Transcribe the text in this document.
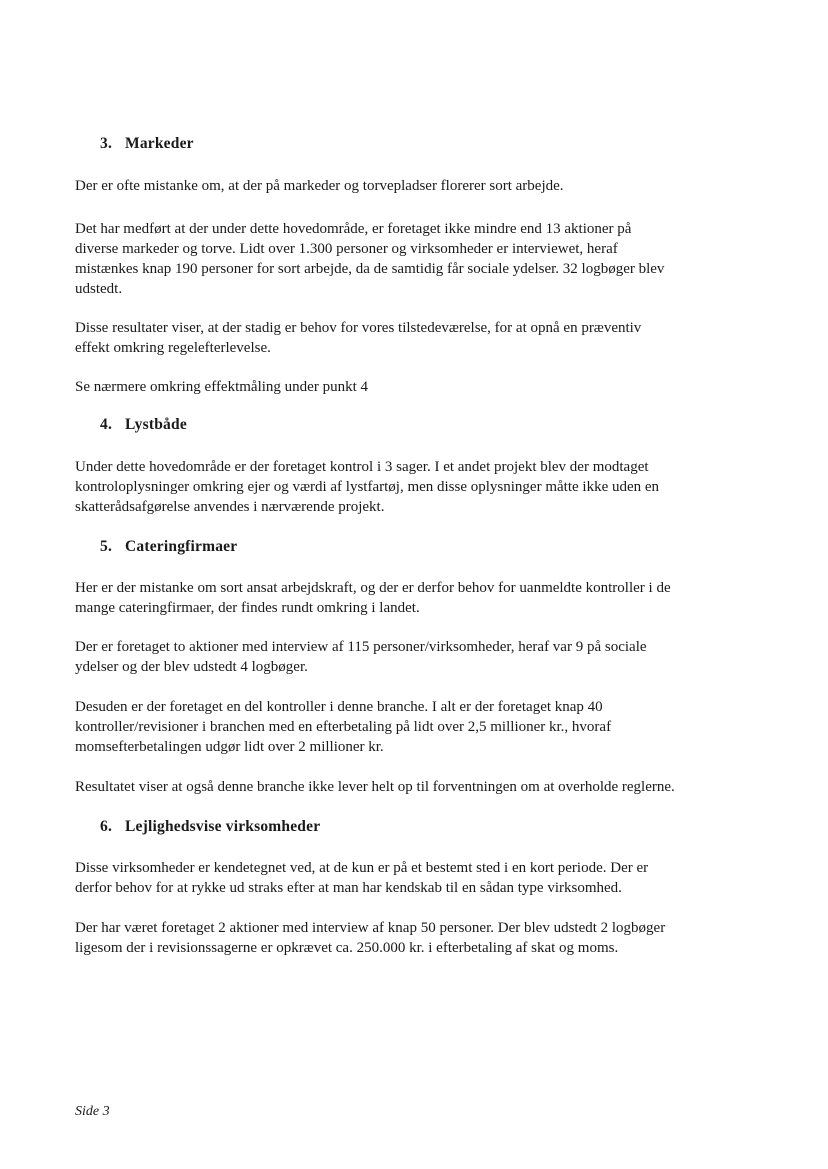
3. Markeder
Der er ofte mistanke om, at der på markeder og torvepladser florerer sort arbejde.
Det har medført at der under dette hovedområde, er foretaget ikke mindre end 13 aktioner på
diverse markeder og torve. Lidt over 1.300 personer og virksomheder er interviewet, heraf
mistænkes knap 190 personer for sort arbejde, da de samtidig får sociale ydelser. 32 logbøger blev
udstedt.
Disse resultater viser, at der stadig er behov for vores tilstedeværelse, for at opnå en præventiv
effekt omkring regelefterlevelse.
Se nærmere omkring effektmåling under punkt 4
4. Lystbåde
Under dette hovedområde er der foretaget kontrol i 3 sager. I et andet projekt blev der modtaget
kontroloplysninger omkring ejer og værdi af lystfartøj, men disse oplysninger måtte ikke uden en
skatterådsafgørelse anvendes i nærværende projekt.
5. Cateringfirmaer
Her er der mistanke om sort ansat arbejdskraft, og der er derfor behov for uanmeldte kontroller i de
mange cateringfirmaer, der findes rundt omkring i landet.
Der er foretaget to aktioner med interview af 115 personer/virksomheder, heraf var 9 på sociale
ydelser og der blev udstedt 4 logbøger.
Desuden er der foretaget en del kontroller i denne branche. I alt er der foretaget knap 40
kontroller/revisioner i branchen med en efterbetaling på lidt over 2,5 millioner kr., hvoraf
momsefterbetalingen udgør lidt over 2 millioner kr.
Resultatet viser at også denne branche ikke lever helt op til forventningen om at overholde reglerne.
6. Lejlighedsvise virksomheder
Disse virksomheder er kendetegnet ved, at de kun er på et bestemt sted i en kort periode. Der er
derfor behov for at rykke ud straks efter at man har kendskab til en sådan type virksomhed.
Der har været foretaget 2 aktioner med interview af knap 50 personer. Der blev udstedt 2 logbøger
ligesom der i revisionssagerne er opkrævet ca. 250.000 kr. i efterbetaling af skat og moms.
Side 3
